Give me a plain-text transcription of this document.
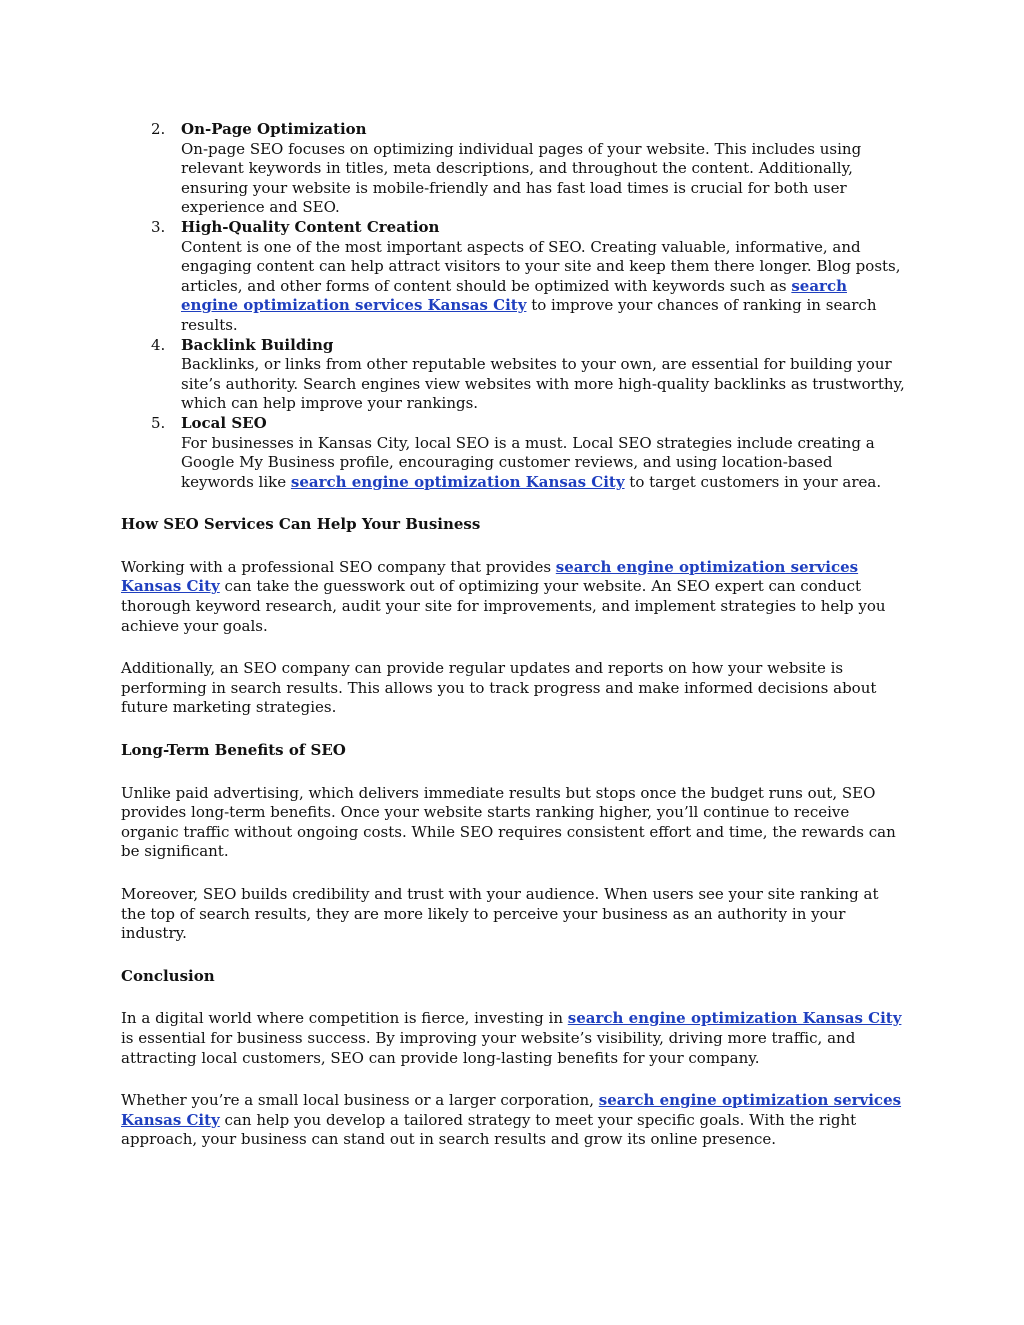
2. On-Page Optimization
On-page SEO focuses on optimizing individual pages of your website. This includes using relevant keywords in titles, meta descriptions, and throughout the content. Additionally, ensuring your website is mobile-friendly and has fast load times is crucial for both user experience and SEO.
3. High-Quality Content Creation
Content is one of the most important aspects of SEO. Creating valuable, informative, and engaging content can help attract visitors to your site and keep them there longer. Blog posts, articles, and other forms of content should be optimized with keywords such as search engine optimization services Kansas City to improve your chances of ranking in search results.
4. Backlink Building
Backlinks, or links from other reputable websites to your own, are essential for building your site’s authority. Search engines view websites with more high-quality backlinks as trustworthy, which can help improve your rankings.
5. Local SEO
For businesses in Kansas City, local SEO is a must. Local SEO strategies include creating a Google My Business profile, encouraging customer reviews, and using location-based keywords like search engine optimization Kansas City to target customers in your area.

How SEO Services Can Help Your Business

Working with a professional SEO company that provides search engine optimization services Kansas City can take the guesswork out of optimizing your website. An SEO expert can conduct thorough keyword research, audit your site for improvements, and implement strategies to help you achieve your goals.

Additionally, an SEO company can provide regular updates and reports on how your website is performing in search results. This allows you to track progress and make informed decisions about future marketing strategies.

Long-Term Benefits of SEO

Unlike paid advertising, which delivers immediate results but stops once the budget runs out, SEO provides long-term benefits. Once your website starts ranking higher, you’ll continue to receive organic traffic without ongoing costs. While SEO requires consistent effort and time, the rewards can be significant.

Moreover, SEO builds credibility and trust with your audience. When users see your site ranking at the top of search results, they are more likely to perceive your business as an authority in your industry.

Conclusion

In a digital world where competition is fierce, investing in search engine optimization Kansas City is essential for business success. By improving your website’s visibility, driving more traffic, and attracting local customers, SEO can provide long-lasting benefits for your company.

Whether you’re a small local business or a larger corporation, search engine optimization services Kansas City can help you develop a tailored strategy to meet your specific goals. With the right approach, your business can stand out in search results and grow its online presence.
